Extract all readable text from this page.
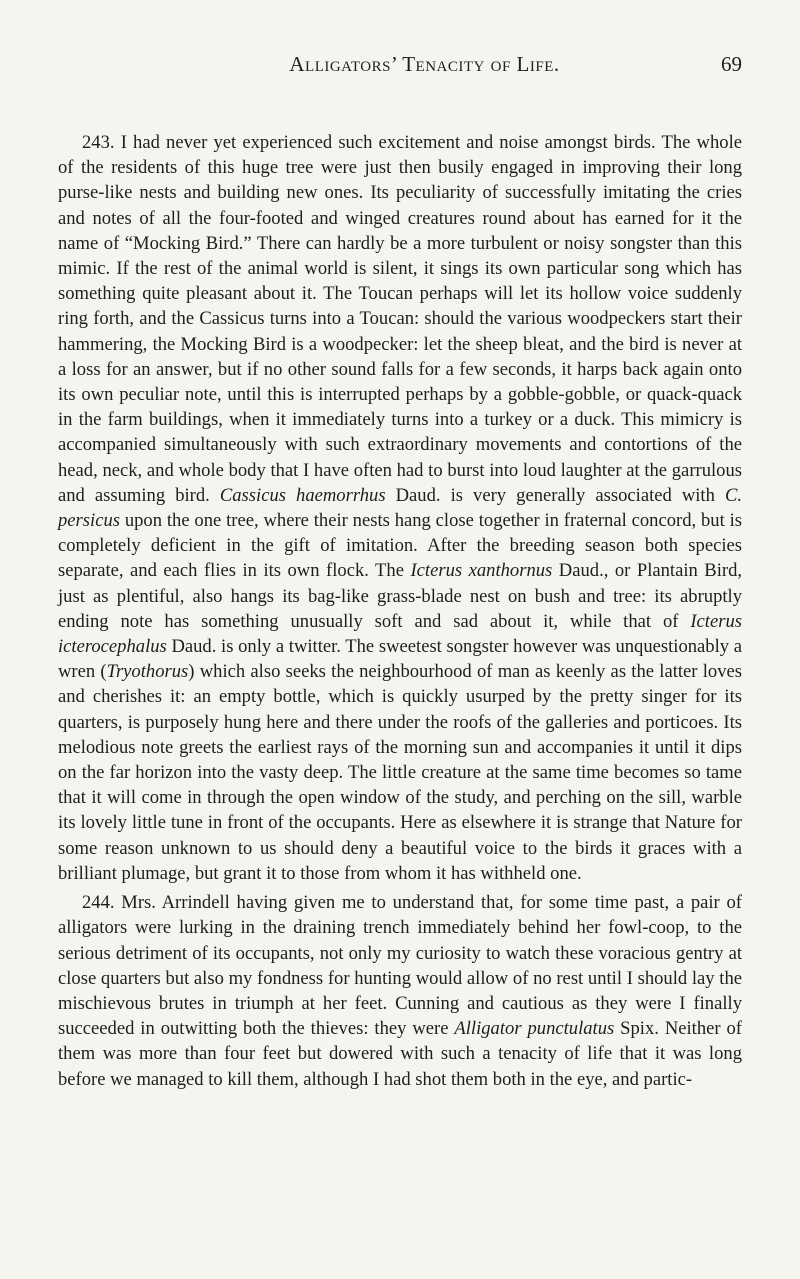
Alligators’ Tenacity of Life.	69

243. I had never yet experienced such excitement and noise amongst birds. The whole of the residents of this huge tree were just then busily engaged in improving their long purse-like nests and building new ones. Its peculiarity of successfully imitating the cries and notes of all the four-footed and winged creatures round about has earned for it the name of “Mocking Bird.” There can hardly be a more turbulent or noisy songster than this mimic. If the rest of the animal world is silent, it sings its own particular song which has something quite pleasant about it. The Toucan perhaps will let its hollow voice suddenly ring forth, and the Cassicus turns into a Toucan: should the various woodpeckers start their hammering, the Mocking Bird is a woodpecker: let the sheep bleat, and the bird is never at a loss for an answer, but if no other sound falls for a few seconds, it harps back again onto its own peculiar note, until this is interrupted perhaps by a gobble-gobble, or quack-quack in the farm buildings, when it immediately turns into a turkey or a duck. This mimicry is accompanied simultaneously with such extraordinary movements and contortions of the head, neck, and whole body that I have often had to burst into loud laughter at the garrulous and assuming bird. Cassicus haemorrhus Daud. is very generally associated with C. persicus upon the one tree, where their nests hang close together in fraternal concord, but is completely deficient in the gift of imitation. After the breeding season both species separate, and each flies in its own flock. The Icterus xanthornus Daud., or Plantain Bird, just as plentiful, also hangs its bag-like grass-blade nest on bush and tree: its abruptly ending note has something unusually soft and sad about it, while that of Icterus icterocephalus Daud. is only a twitter. The sweetest songster however was unquestionably a wren (Tryothorus) which also seeks the neighbourhood of man as keenly as the latter loves and cherishes it: an empty bottle, which is quickly usurped by the pretty singer for its quarters, is purposely hung here and there under the roofs of the galleries and porticoes. Its melodious note greets the earliest rays of the morning sun and accompanies it until it dips on the far horizon into the vasty deep. The little creature at the same time becomes so tame that it will come in through the open window of the study, and perching on the sill, warble its lovely little tune in front of the occupants. Here as elsewhere it is strange that Nature for some reason unknown to us should deny a beautiful voice to the birds it graces with a brilliant plumage, but grant it to those from whom it has withheld one.

244. Mrs. Arrindell having given me to understand that, for some time past, a pair of alligators were lurking in the draining trench immediately behind her fowl-coop, to the serious detriment of its occupants, not only my curiosity to watch these voracious gentry at close quarters but also my fondness for hunting would allow of no rest until I should lay the mischievous brutes in triumph at her feet. Cunning and cautious as they were I finally succeeded in outwitting both the thieves: they were Alligator punctulatus Spix. Neither of them was more than four feet but dowered with such a tenacity of life that it was long before we managed to kill them, although I had shot them both in the eye, and partic-
